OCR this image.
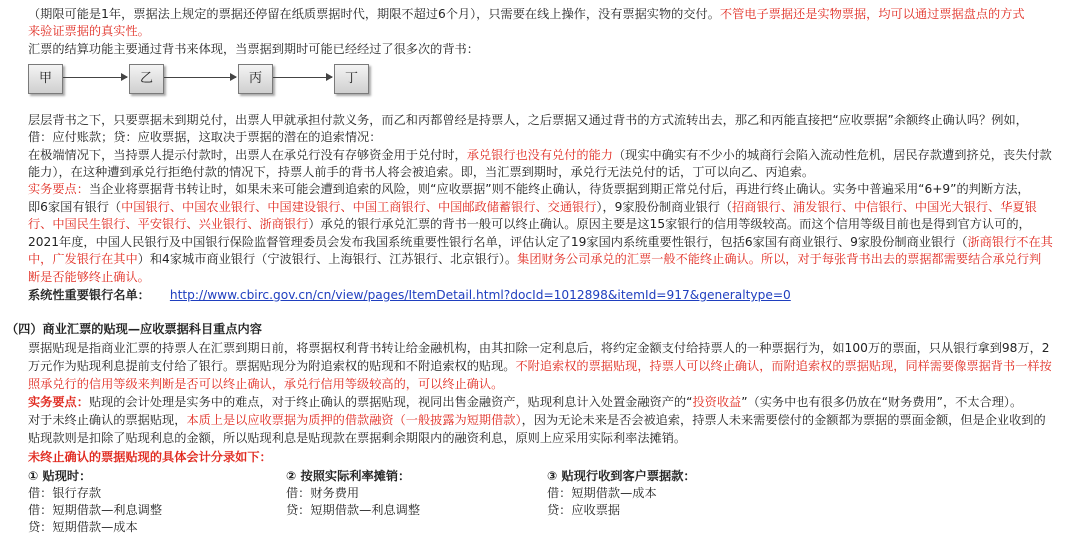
（期限可能是1年，票据法上规定的票据还停留在纸质票据时代，期限不超过6个月），只需要在线上操作，没有票据实物的交付。不管电子票据还是实物票据，均可以通过票据盘点的方式
来验证票据的真实性。
汇票的结算功能主要通过背书来体现，当票据到期时可能已经经过了很多次的背书：
甲	乙	丙	丁
层层背书之下，只要票据未到期兑付，出票人甲就承担付款义务，而乙和丙都曾经是持票人，之后票据又通过背书的方式流转出去，那乙和丙能直接把“应收票据”余额终止确认吗？例如，
借：应付账款；贷：应收票据，这取决于票据的潜在的追索情况：
在极端情况下，当持票人提示付款时，出票人在承兑行没有存够资金用于兑付时，承兑银行也没有兑付的能力（现实中确实有不少小的城商行会陷入流动性危机，居民存款遭到挤兑，丧失付款
能力），在这种遭到承兑行拒绝付款的情况下，持票人前手的背书人将会被追索。即，当汇票到期时，承兑行无法兑付的话，丁可以向乙、丙追索。
实务要点：当企业将票据背书转让时，如果未来可能会遭到追索的风险，则“应收票据”则不能终止确认，待货票据到期正常兑付后，再进行终止确认。实务中普遍采用“6+9”的判断方法，
即6家国有银行（中国银行、中国农业银行、中国建设银行、中国工商银行、中国邮政储蓄银行、交通银行），9家股份制商业银行（招商银行、浦发银行、中信银行、中国光大银行、华夏银
行、中国民生银行、平安银行、兴业银行、浙商银行）承兑的银行承兑汇票的背书一般可以终止确认。原因主要是这15家银行的信用等级较高。而这个信用等级目前也是得到官方认可的，
2021年度，中国人民银行及中国银行保险监督管理委员会发布我国系统重要性银行名单，评估认定了19家国内系统重要性银行，包括6家国有商业银行、9家股份制商业银行（浙商银行不在其
中，广发银行在其中）和4家城市商业银行（宁波银行、上海银行、江苏银行、北京银行）。集团财务公司承兑的汇票一般不能终止确认。所以，对于每张背书出去的票据都需要结合承兑行判
断是否能够终止确认。
系统性重要银行名单： http://www.cbirc.gov.cn/cn/view/pages/ItemDetail.html?docId=1012898&itemId=917&generaltype=0
（四）商业汇票的贴现—应收票据科目重点内容
票据贴现是指商业汇票的持票人在汇票到期日前，将票据权利背书转让给金融机构，由其扣除一定利息后，将约定金额支付给持票人的一种票据行为，如100万的票面，只从银行拿到98万，2
万元作为贴现利息提前支付给了银行。票据贴现分为附追索权的贴现和不附追索权的贴现。不附追索权的票据贴现，持票人可以终止确认，而附追索权的票据贴现，同样需要像票据背书一样按
照承兑行的信用等级来判断是否可以终止确认，承兑行信用等级较高的，可以终止确认。
实务要点：贴现的会计处理是实务中的难点，对于终止确认的票据贴现，视同出售金融资产，贴现利息计入处置金融资产的“投资收益”（实务中也有很多仍放在“财务费用”，不太合理）。
对于未终止确认的票据贴现，本质上是以应收票据为质押的借款融资（一般披露为短期借款），因为无论未来是否会被追索，持票人未来需要偿付的金额都为票据的票面金额，但是企业收到的
贴现款则是扣除了贴现利息的金额，所以贴现利息是贴现款在票据剩余期限内的融资利息，原则上应采用实际利率法摊销。
未终止确认的票据贴现的具体会计分录如下：
① 贴现时：
借：银行存款
借：短期借款—利息调整
贷：短期借款—成本
② 按照实际利率摊销：
借：财务费用
贷：短期借款—利息调整
③ 贴现行收到客户票据款：
借：短期借款—成本
贷：应收票据
